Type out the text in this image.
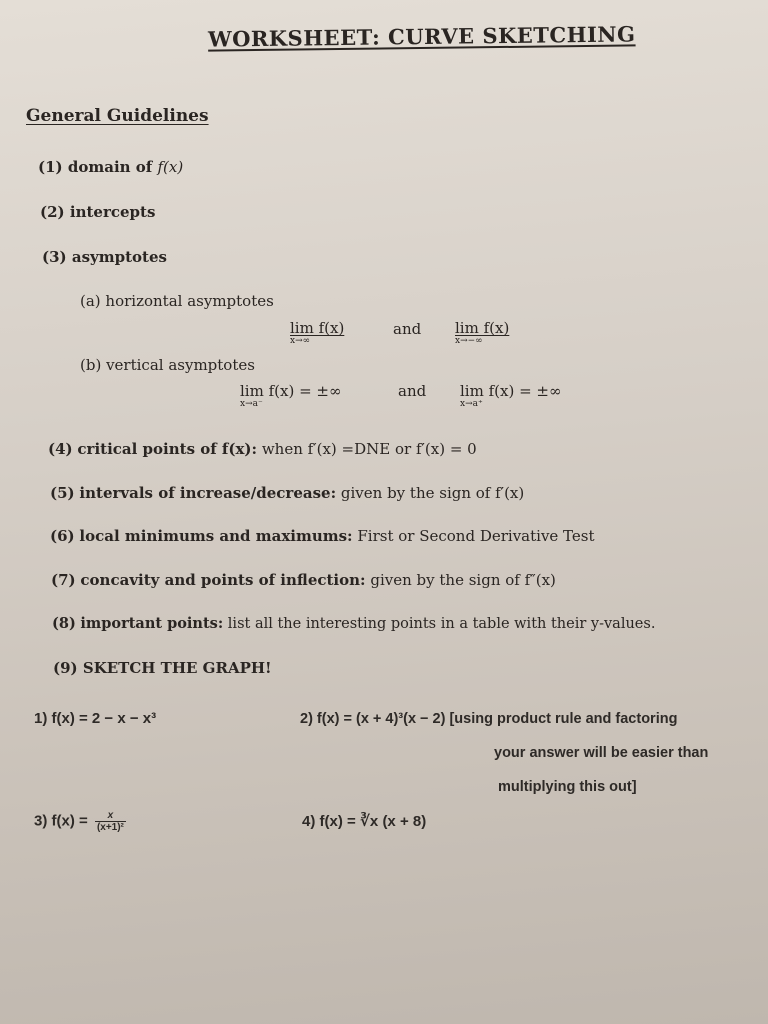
WORKSHEET: CURVE SKETCHING
General Guidelines
(1) domain of f(x)
(2) intercepts
(3) asymptotes
(a) horizontal asymptotes
lim f(x)
x→∞
and lim f(x)
x→−∞
(b) vertical asymptotes
lim f(x) = ±∞
x→a⁻
and lim f(x) = ±∞
x→a⁺
(4) critical points of f(x): when f′(x) =DNE or f′(x) = 0
(5) intervals of increase/decrease: given by the sign of f′(x)
(6) local minimums and maximums: First or Second Derivative Test
(7) concavity and points of inflection: given by the sign of f″(x)
(8) important points: list all the interesting points in a table with their y-values.
(9) SKETCH THE GRAPH!
1) f(x) = 2 − x − x³	2) f(x) = (x + 4)³(x − 2) [using product rule and factoring
your answer will be easier than
multiplying this out]
3) $f(x) = \frac{x}{\text{(x+1)²}}$	4) f(x) = ∛x (x + 8)
